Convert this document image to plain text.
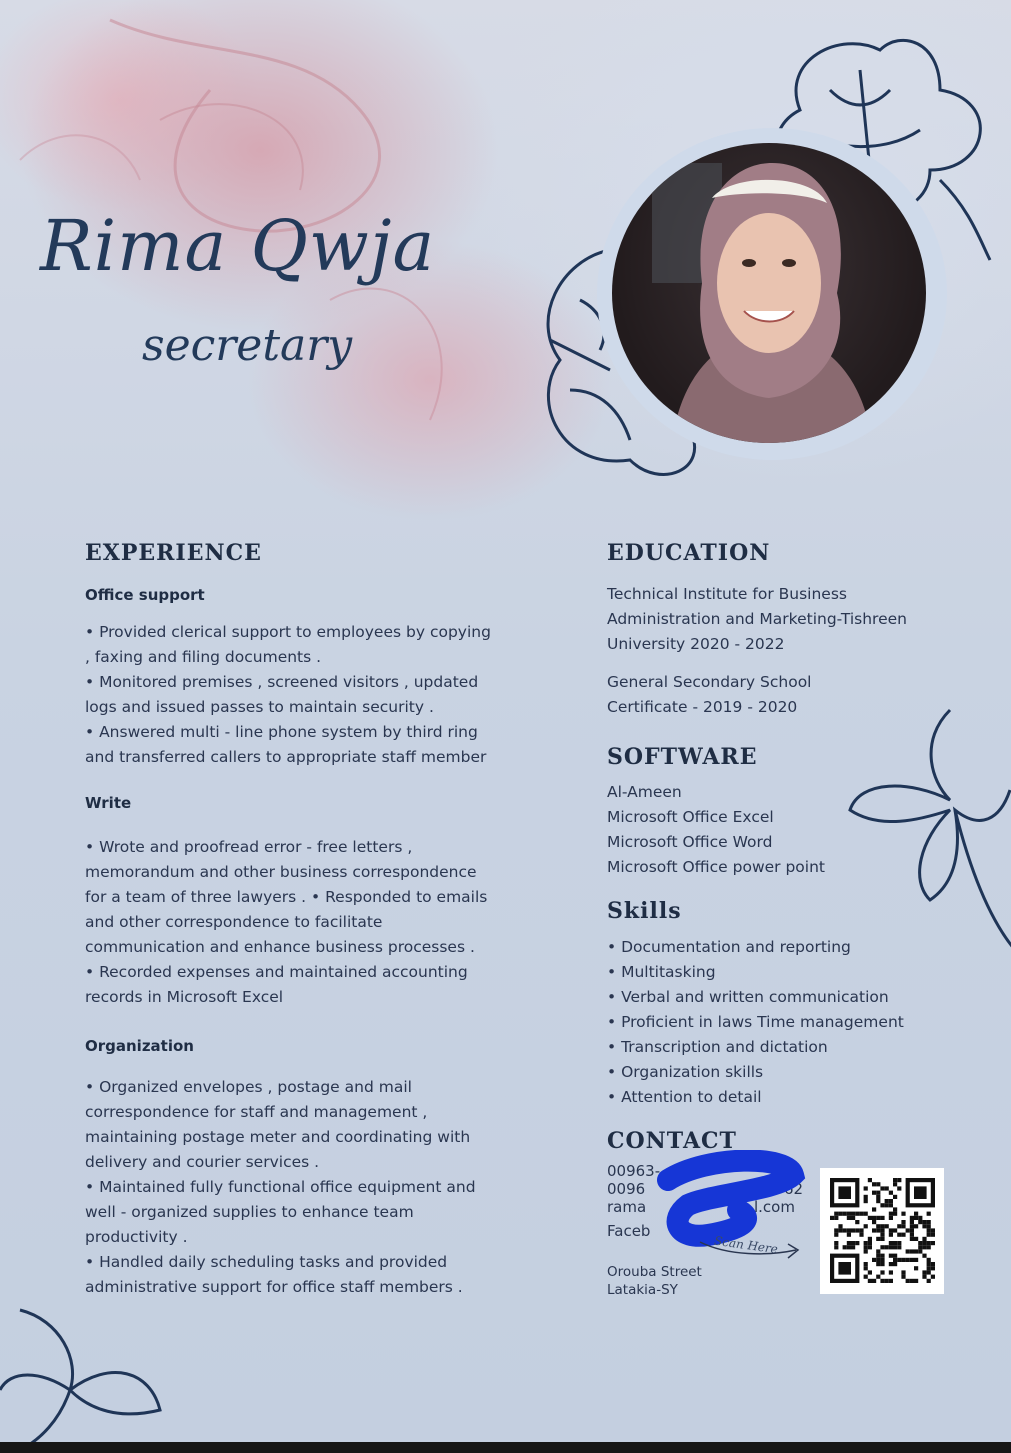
Rima Qwja
secretary
EXPERIENCE

Office support

• Provided clerical support to employees by copying
, faxing and filing documents .
• Monitored premises , screened visitors , updated
logs and issued passes to maintain security .
• Answered multi - line phone system by third ring
and transferred callers to appropriate staff member

Write

• Wrote and proofread error - free letters ,
memorandum and other business correspondence
for a team of three lawyers . • Responded to emails
and other correspondence to facilitate
communication and enhance business processes .
• Recorded expenses and maintained accounting
records in Microsoft Excel

Organization

• Organized envelopes , postage and mail
correspondence for staff and management ,
maintaining postage meter and coordinating with
delivery and courier services .
• Maintained fully functional office equipment and
well - organized supplies to enhance team
productivity .
• Handled daily scheduling tasks and provided
administrative support for office staff members .
EDUCATION
Technical Institute for Business
Administration and Marketing-Tishreen
University 2020 - 2022
General Secondary School
Certificate - 2019 - 2020
SOFTWARE
Al-Ameen
Microsoft Office Excel
Microsoft Office Word
Microsoft Office power point
Skills
• Documentation and reporting
• Multitasking
• Verbal and written communication
• Proficient in laws Time management
• Transcription and dictation
• Organization skills
• Attention to detail
CONTACT
00963-
0096
rama
Faceb
5
62
l.com
Scan Here
Orouba Street
Latakia-SY
